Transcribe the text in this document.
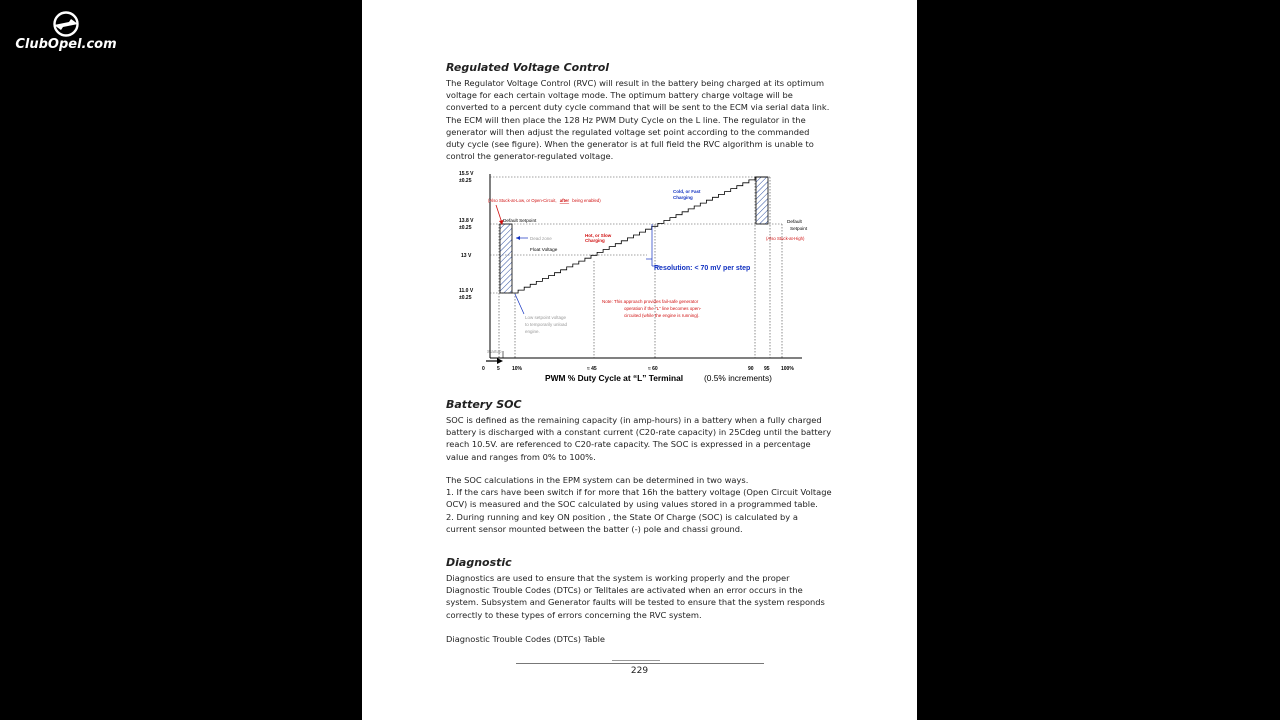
ClubOpel.com
Regulated Voltage Control
The Regulator Voltage Control (RVC) will result in the battery being charged at its optimum
voltage for each certain voltage mode. The optimum battery charge voltage will be
converted to a percent duty cycle command that will be sent to the ECM via serial data link.
The ECM will then place the 128 Hz PWM Duty Cycle on the L line. The regulator in the
generator will then adjust the regulated voltage set point according to the commanded
duty cycle (see figure). When the generator is at full field the RVC algorithm is unable to
control the generator-regulated voltage.
15.5 V
±0.25
13.8 V
±0.25
13 V
11.0 V
±0.25
0 5 10%	≈ 45	≈ 60	90 95 100%
Startup
PWM % Duty Cycle at “L” Terminal (0.5% increments)
(Also Stuck-at-Low, or Open-Circuit, after being enabled)
Hot, or Slow
Charging	(Also Stuck-at-High)
Note: This approach provides fail-safe generator
operation if the "L" line becomes open-
circuited (while the engine is running).
Cold, or Fast
Charging
Resolution: < 70 mV per step
Default Setpoint
Float Voltage
Default
Setpoint
Dead zone
Low setpoint voltage
to temporarily unload
engine.
Battery SOC
SOC is defined as the remaining capacity (in amp-hours) in a battery when a fully charged
battery is discharged with a constant current (C20-rate capacity) in 25Cdeg until the battery
reach 10.5V. are referenced to C20-rate capacity. The SOC is expressed in a percentage
value and ranges from 0% to 100%.
The SOC calculations in the EPM system can be determined in two ways.
1. If the cars have been switch if for more that 16h the battery voltage (Open Circuit Voltage
OCV) is measured and the SOC calculated by using values stored in a programmed table.
2. During running and key ON position , the State Of Charge (SOC) is calculated by a
current sensor mounted between the batter (-) pole and chassi ground.
Diagnostic
Diagnostics are used to ensure that the system is working properly and the proper
Diagnostic Trouble Codes (DTCs) or Telltales are activated when an error occurs in the
system. Subsystem and Generator faults will be tested to ensure that the system responds
correctly to these types of errors concerning the RVC system.
Diagnostic Trouble Codes (DTCs) Table
229
